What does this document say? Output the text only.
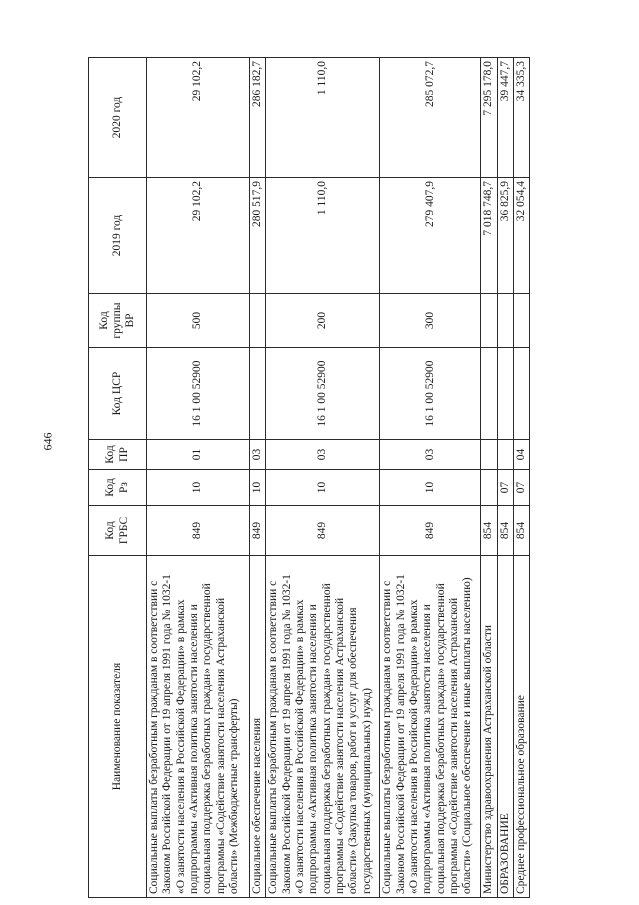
646
Наименование показателя	Код ГРБС	Код Рз	Код ПР	Код ЦСР	Код группы ВР	2019 год	2020 год
Социальные выплаты безработным гражданам в соответствии с Законом Российской Федерации от 19 апреля 1991 года № 1032-1 «О занятости населения в Российской Федерации» в рамках подпрограммы «Активная политика занятости населения и социальная поддержка безработных граждан» государственной программы «Содействие занятости населения Астраханской области» (Межбюджетные трансферты)	849	10	01	16 1 00 52900	500	29 102,2	29 102,2
Социальное обеспечение населения	849	10	03			280 517,9	286 182,7
Социальные выплаты безработным гражданам в соответствии с Законом Российской Федерации от 19 апреля 1991 года № 1032-1 «О занятости населения в Российской Федерации» в рамках подпрограммы «Активная политика занятости населения и социальная поддержка безработных граждан» государственной программы «Содействие занятости населения Астраханской области» (Закупка товаров, работ и услуг для обеспечения государственных (муниципальных) нужд)	849	10	03	16 1 00 52900	200	1 110,0	1 110,0
Социальные выплаты безработным гражданам в соответствии с Законом Российской Федерации от 19 апреля 1991 года № 1032-1 «О занятости населения в Российской Федерации» в рамках подпрограммы «Активная политика занятости населения и социальная поддержка безработных граждан» государственной программы «Содействие занятости населения Астраханской области» (Социальное обеспечение и иные выплаты населению)	849	10	03	16 1 00 52900	300	279 407,9	285 072,7
Министерство здравоохранения Астраханской области	854					7 018 748,7	7 295 178,0
ОБРАЗОВАНИЕ	854	07				36 825,9	39 447,7
Среднее профессиональное образование	854	07	04			32 054,4	34 335,3
